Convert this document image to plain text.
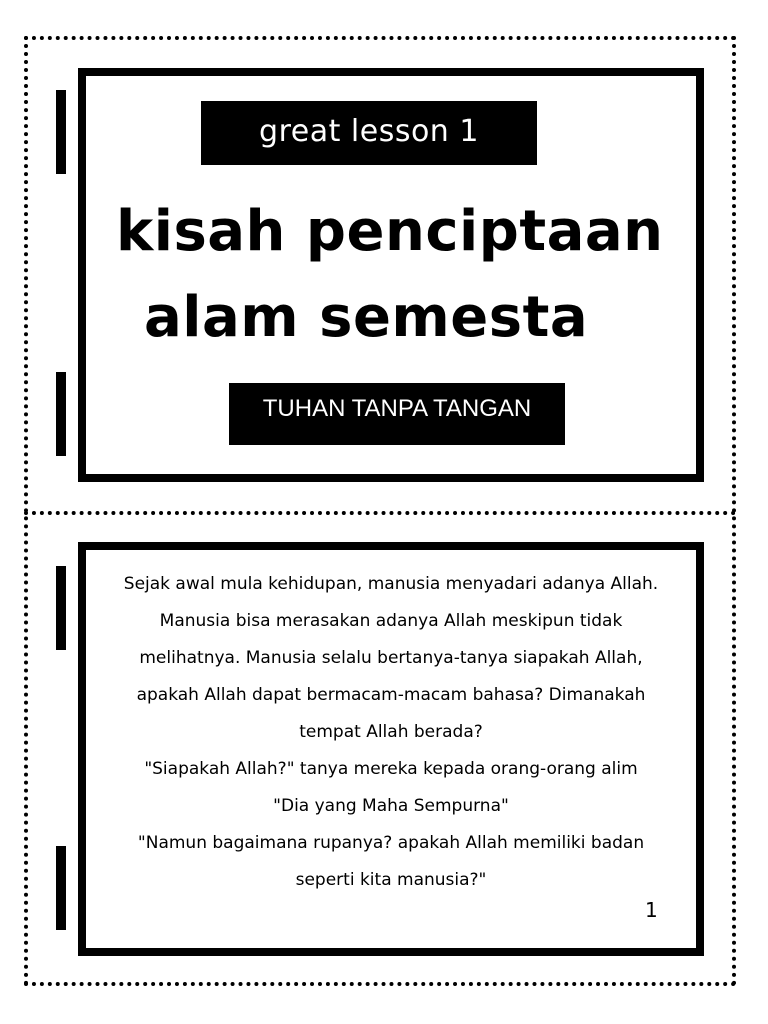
great lesson 1
kisah penciptaan
alam semesta
TUHAN TANPA TANGAN

Sejak awal mula kehidupan, manusia menyadari adanya Allah.
Manusia bisa merasakan adanya Allah meskipun tidak
melihatnya. Manusia selalu bertanya-tanya siapakah Allah,
apakah Allah dapat bermacam-macam bahasa? Dimanakah
tempat Allah berada?
"Siapakah Allah?" tanya mereka kepada orang-orang alim
"Dia yang Maha Sempurna"
"Namun bagaimana rupanya? apakah Allah memiliki badan
seperti kita manusia?"

1
